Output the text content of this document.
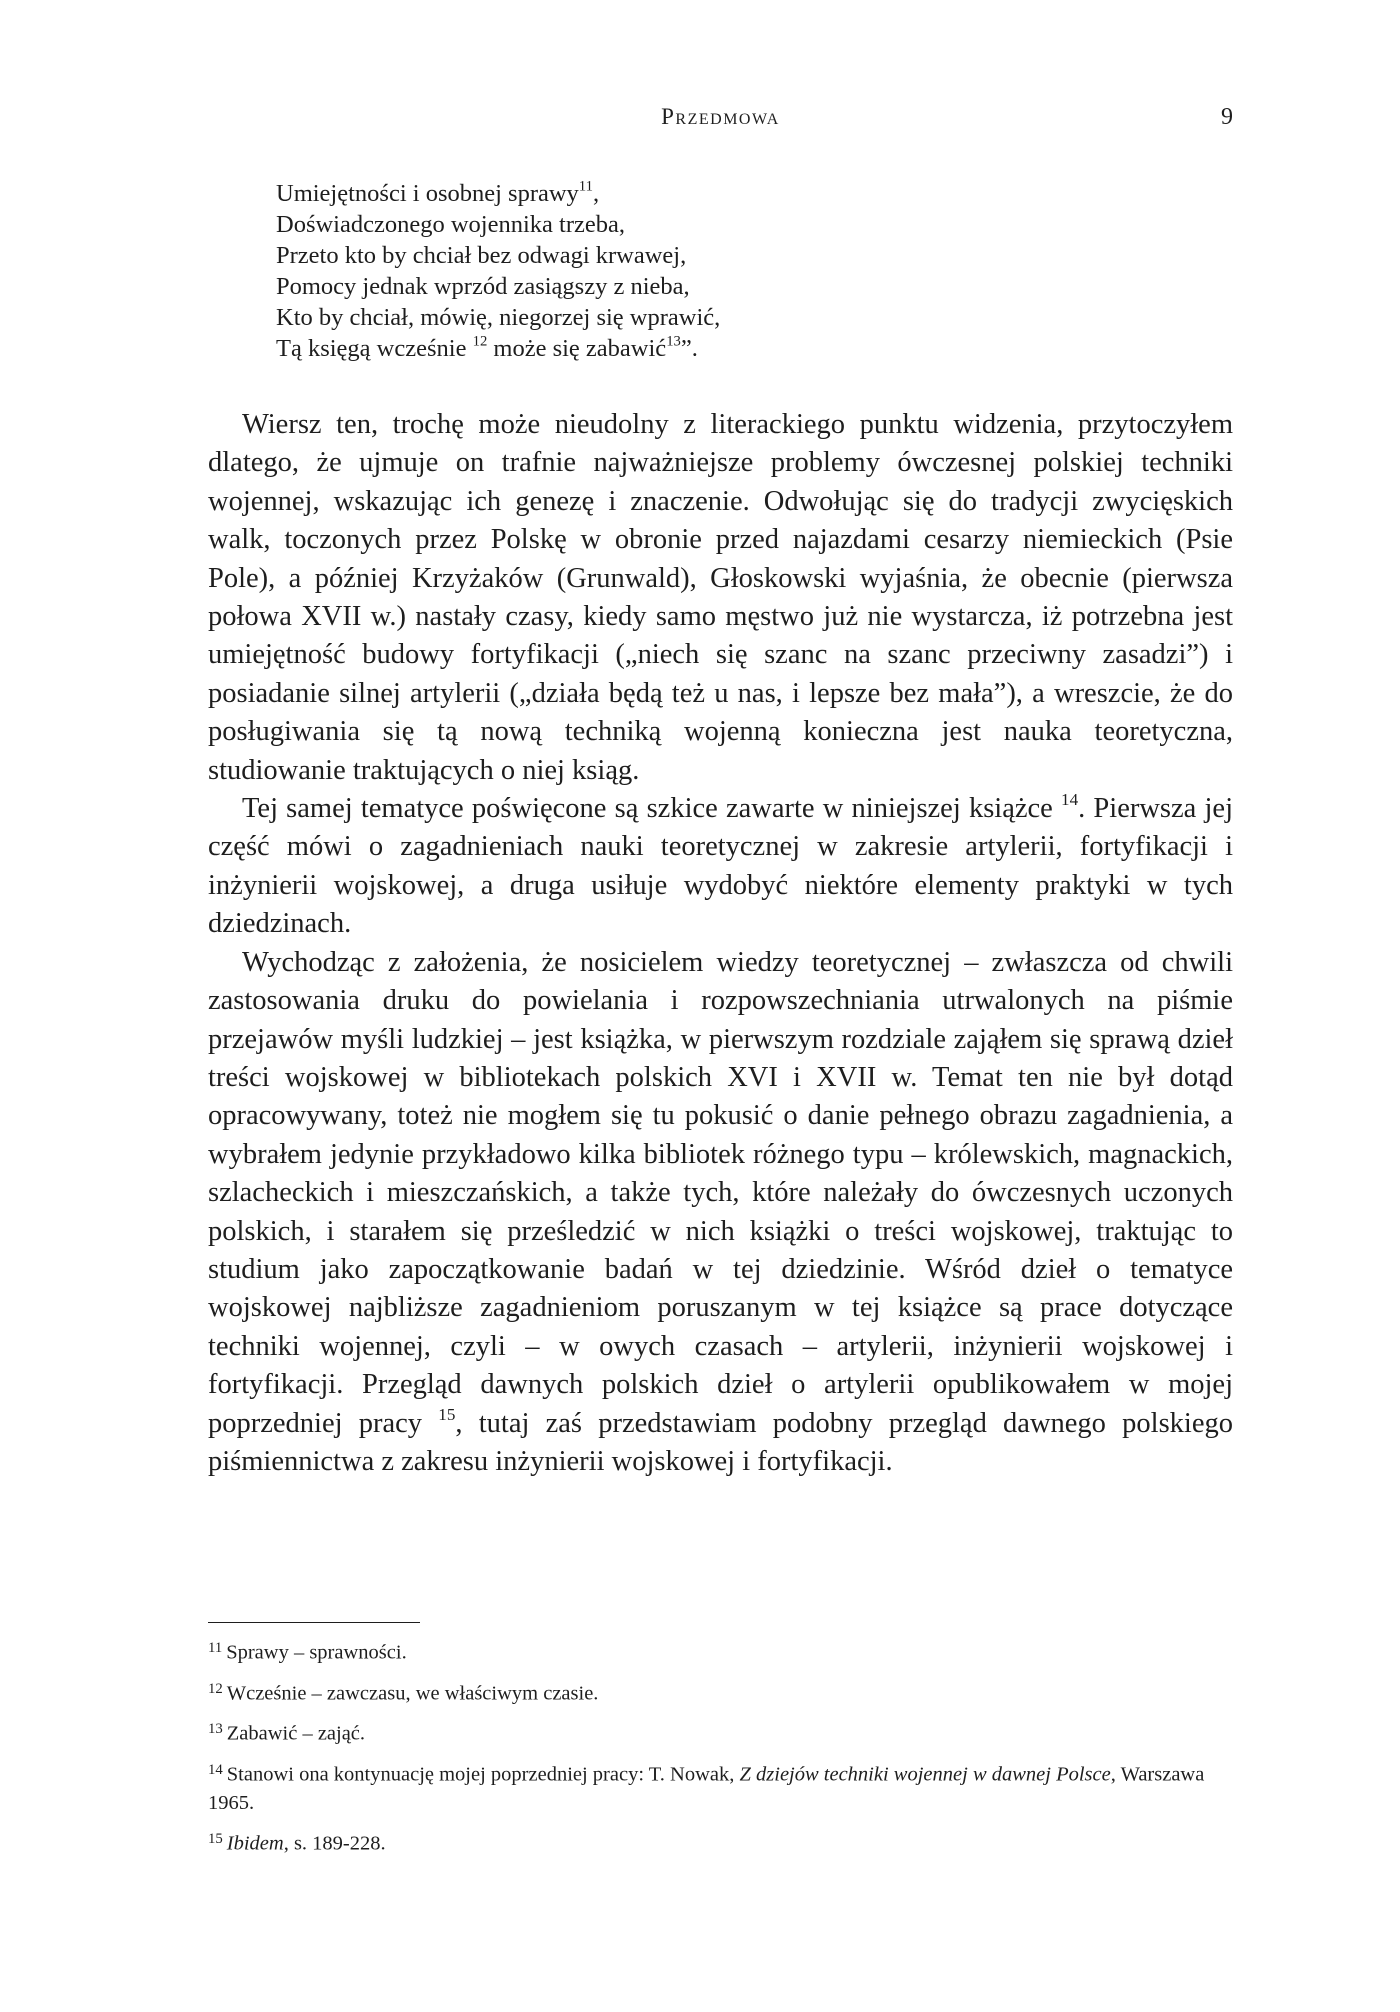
Przedmowa	9
Umiejętności i osobnej sprawy$^{11}$,
Doświadczonego wojennika trzeba,
Przeto kto by chciał bez odwagi krwawej,
Pomocy jednak wprzód zasiągszy z nieba,
Kto by chciał, mówię, niegorzej się wprawić,
Tą księgą wcześnie $^{12}$ może się zabawić$^{13}$”.

Wiersz ten, trochę może nieudolny z literackiego punktu widzenia, przytoczyłem dlatego, że ujmuje on trafnie najważniejsze problemy ówczesnej polskiej techniki wojennej, wskazując ich genezę i znaczenie. Odwołując się do tradycji zwycięskich walk, toczonych przez Polskę w obronie przed najazdami cesarzy niemieckich (Psie Pole), a później Krzyżaków (Grunwald), Głoskowski wyjaśnia, że obecnie (pierwsza połowa XVII w.) nastały czasy, kiedy samo męstwo już nie wystarcza, iż potrzebna jest umiejętność budowy fortyfikacji („niech się szanc na szanc przeciwny zasadzi”) i posiadanie silnej artylerii („działa będą też u nas, i lepsze bez mała”), a wreszcie, że do posługiwania się tą nową techniką wojenną konieczna jest nauka teoretyczna, studiowanie traktujących o niej ksiąg.

Tej samej tematyce poświęcone są szkice zawarte w niniejszej książce $^{14}$. Pierwsza jej część mówi o zagadnieniach nauki teoretycznej w zakresie artylerii, fortyfikacji i inżynierii wojskowej, a druga usiłuje wydobyć niektóre elementy praktyki w tych dziedzinach.

Wychodząc z założenia, że nosicielem wiedzy teoretycznej – zwłaszcza od chwili zastosowania druku do powielania i rozpowszechniania utrwalonych na piśmie przejawów myśli ludzkiej – jest książka, w pierwszym rozdziale zająłem się sprawą dzieł treści wojskowej w bibliotekach polskich XVI i XVII w. Temat ten nie był dotąd opracowywany, toteż nie mogłem się tu pokusić o danie pełnego obrazu zagadnienia, a wybrałem jedynie przykładowo kilka bibliotek różnego typu – królewskich, magnackich, szlacheckich i mieszczańskich, a także tych, które należały do ówczesnych uczonych polskich, i starałem się prześledzić w nich książki o treści wojskowej, traktując to studium jako zapoczątkowanie badań w tej dziedzinie. Wśród dzieł o tematyce wojskowej najbliższe zagadnieniom poruszanym w tej książce są prace dotyczące techniki wojennej, czyli – w owych czasach – artylerii, inżynierii wojskowej i fortyfikacji. Przegląd dawnych polskich dzieł o artylerii opublikowałem w mojej poprzedniej pracy $^{15}$, tutaj zaś przedstawiam podobny przegląd dawnego polskiego piśmiennictwa z zakresu inżynierii wojskowej i fortyfikacji.

$^{11}$ Sprawy – sprawności.
$^{12}$ Wcześnie – zawczasu, we właściwym czasie.
$^{13}$ Zabawić – zająć.
$^{14}$ Stanowi ona kontynuację mojej poprzedniej pracy: T. Nowak, Z dziejów techniki wojennej w dawnej Polsce, Warszawa 1965.
$^{15}$ Ibidem, s. 189-228.
